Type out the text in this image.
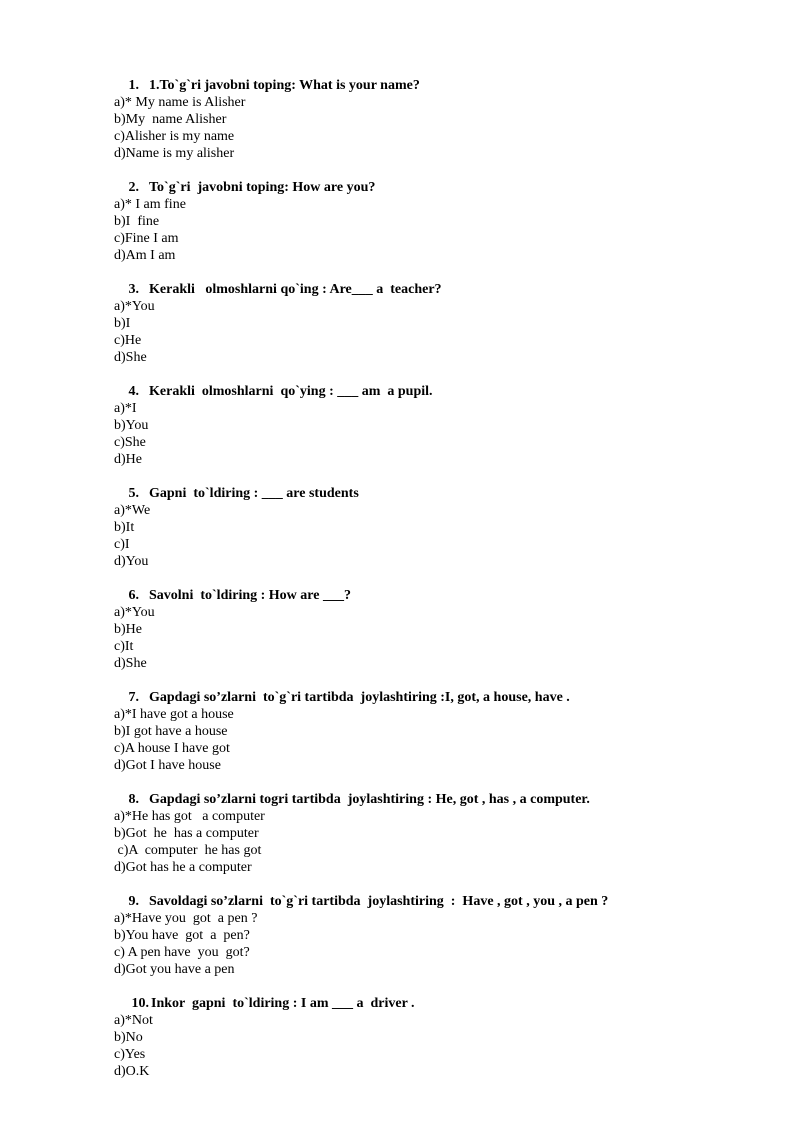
1. 1.To`g`ri javobni toping: What is your name?
a)* My name is Alisher
b)My  name Alisher
c)Alisher is my name
d)Name is my alisher
2. To`g`ri  javobni toping: How are you?
a)* I am fine
b)I  fine
c)Fine I am
d)Am I am
3. Kerakli   olmoshlarni qo`ing : Are___ a  teacher?
a)*You
b)I
c)He
d)She
4. Kerakli  olmoshlarni  qo`ying : ___ am  a pupil.
a)*I
b)You
c)She
d)He
5. Gapni  to`ldiring : ___ are students
a)*We
b)It
c)I
d)You
6. Savolni  to`ldiring : How are ___?
a)*You
b)He
c)It
d)She
7. Gapdagi so’zlarni  to`g`ri tartibda  joylashtiring :I, got, a house, have .
a)*I have got a house
b)I got have a house
c)A house I have got
d)Got I have house
8. Gapdagi so’zlarni togri tartibda  joylashtiring : He, got , has , a computer.
a)*He has got   a computer
b)Got  he  has a computer
c)A  computer  he has got
d)Got has he a computer
9. Savoldagi so’zlarni  to`g`ri tartibda  joylashtiring  :  Have , got , you , a pen ?
a)*Have you  got  a pen ?
b)You have  got  a  pen?
c) A pen have  you  got?
d)Got you have a pen
10. Inkor  gapni  to`ldiring : I am ___ a  driver .
a)*Not
b)No
c)Yes
d)O.K
